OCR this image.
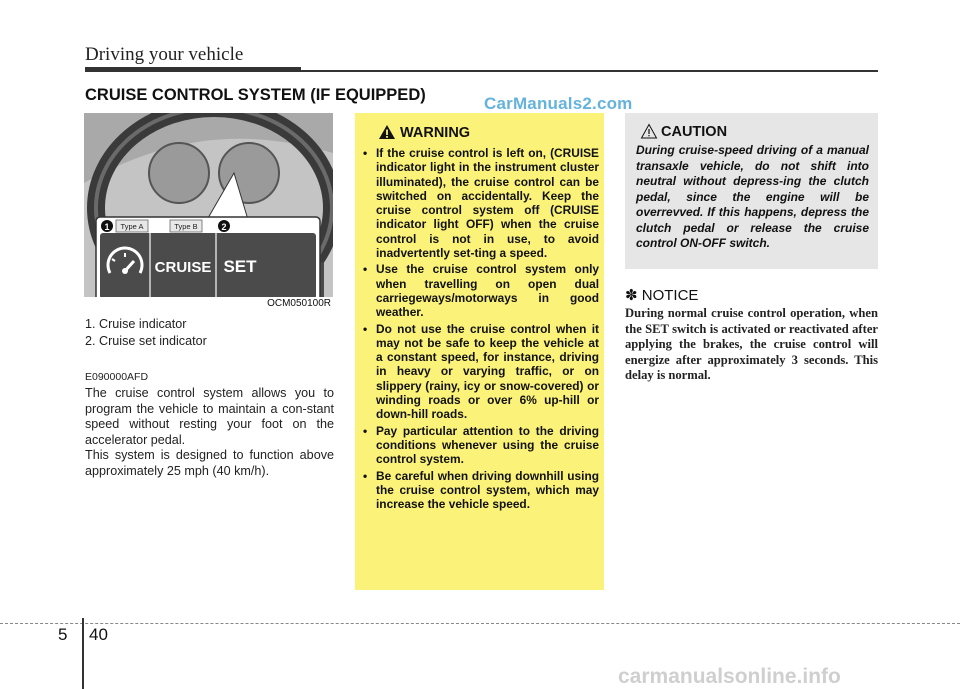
Driving your vehicle
CRUISE CONTROL SYSTEM (IF EQUIPPED)	CarManuals2.com
1	2
Type A	Type B
CRUISE SET
OCM050100R
1. Cruise indicator
2. Cruise set indicator
E090000AFD
The cruise control system allows you to program the vehicle to maintain a con-stant speed without resting your foot on the accelerator pedal.
This system is designed to function above approximately 25 mph (40 km/h).
WARNING
• If the cruise control is left on, (CRUISE indicator light in the instrument cluster illuminated), the cruise control can be switched on accidentally. Keep the cruise control system off (CRUISE indicator light OFF) when the cruise control is not in use, to avoid inadvertently set-ting a speed.
• Use the cruise control system only when travelling on open dual carriegeways/motorways in good weather.
• Do not use the cruise control when it may not be safe to keep the vehicle at a constant speed, for instance, driving in heavy or varying traffic, or on slippery (rainy, icy or snow-covered) or winding roads or over 6% up-hill or down-hill roads.
• Pay particular attention to the driving conditions whenever using the cruise control system.
• Be careful when driving downhill using the cruise control system, which may increase the vehicle speed.
CAUTION
During cruise-speed driving of a manual transaxle vehicle, do not shift into neutral without depress-ing the clutch pedal, since the engine will be overrevved. If this happens, depress the clutch pedal or release the cruise control ON-OFF switch.
✽ NOTICE
During normal cruise control operation, when the SET switch is activated or reactivated after applying the brakes, the cruise control will energize after approximately 3 seconds. This delay is normal.
5 40
carmanualsonline.info
